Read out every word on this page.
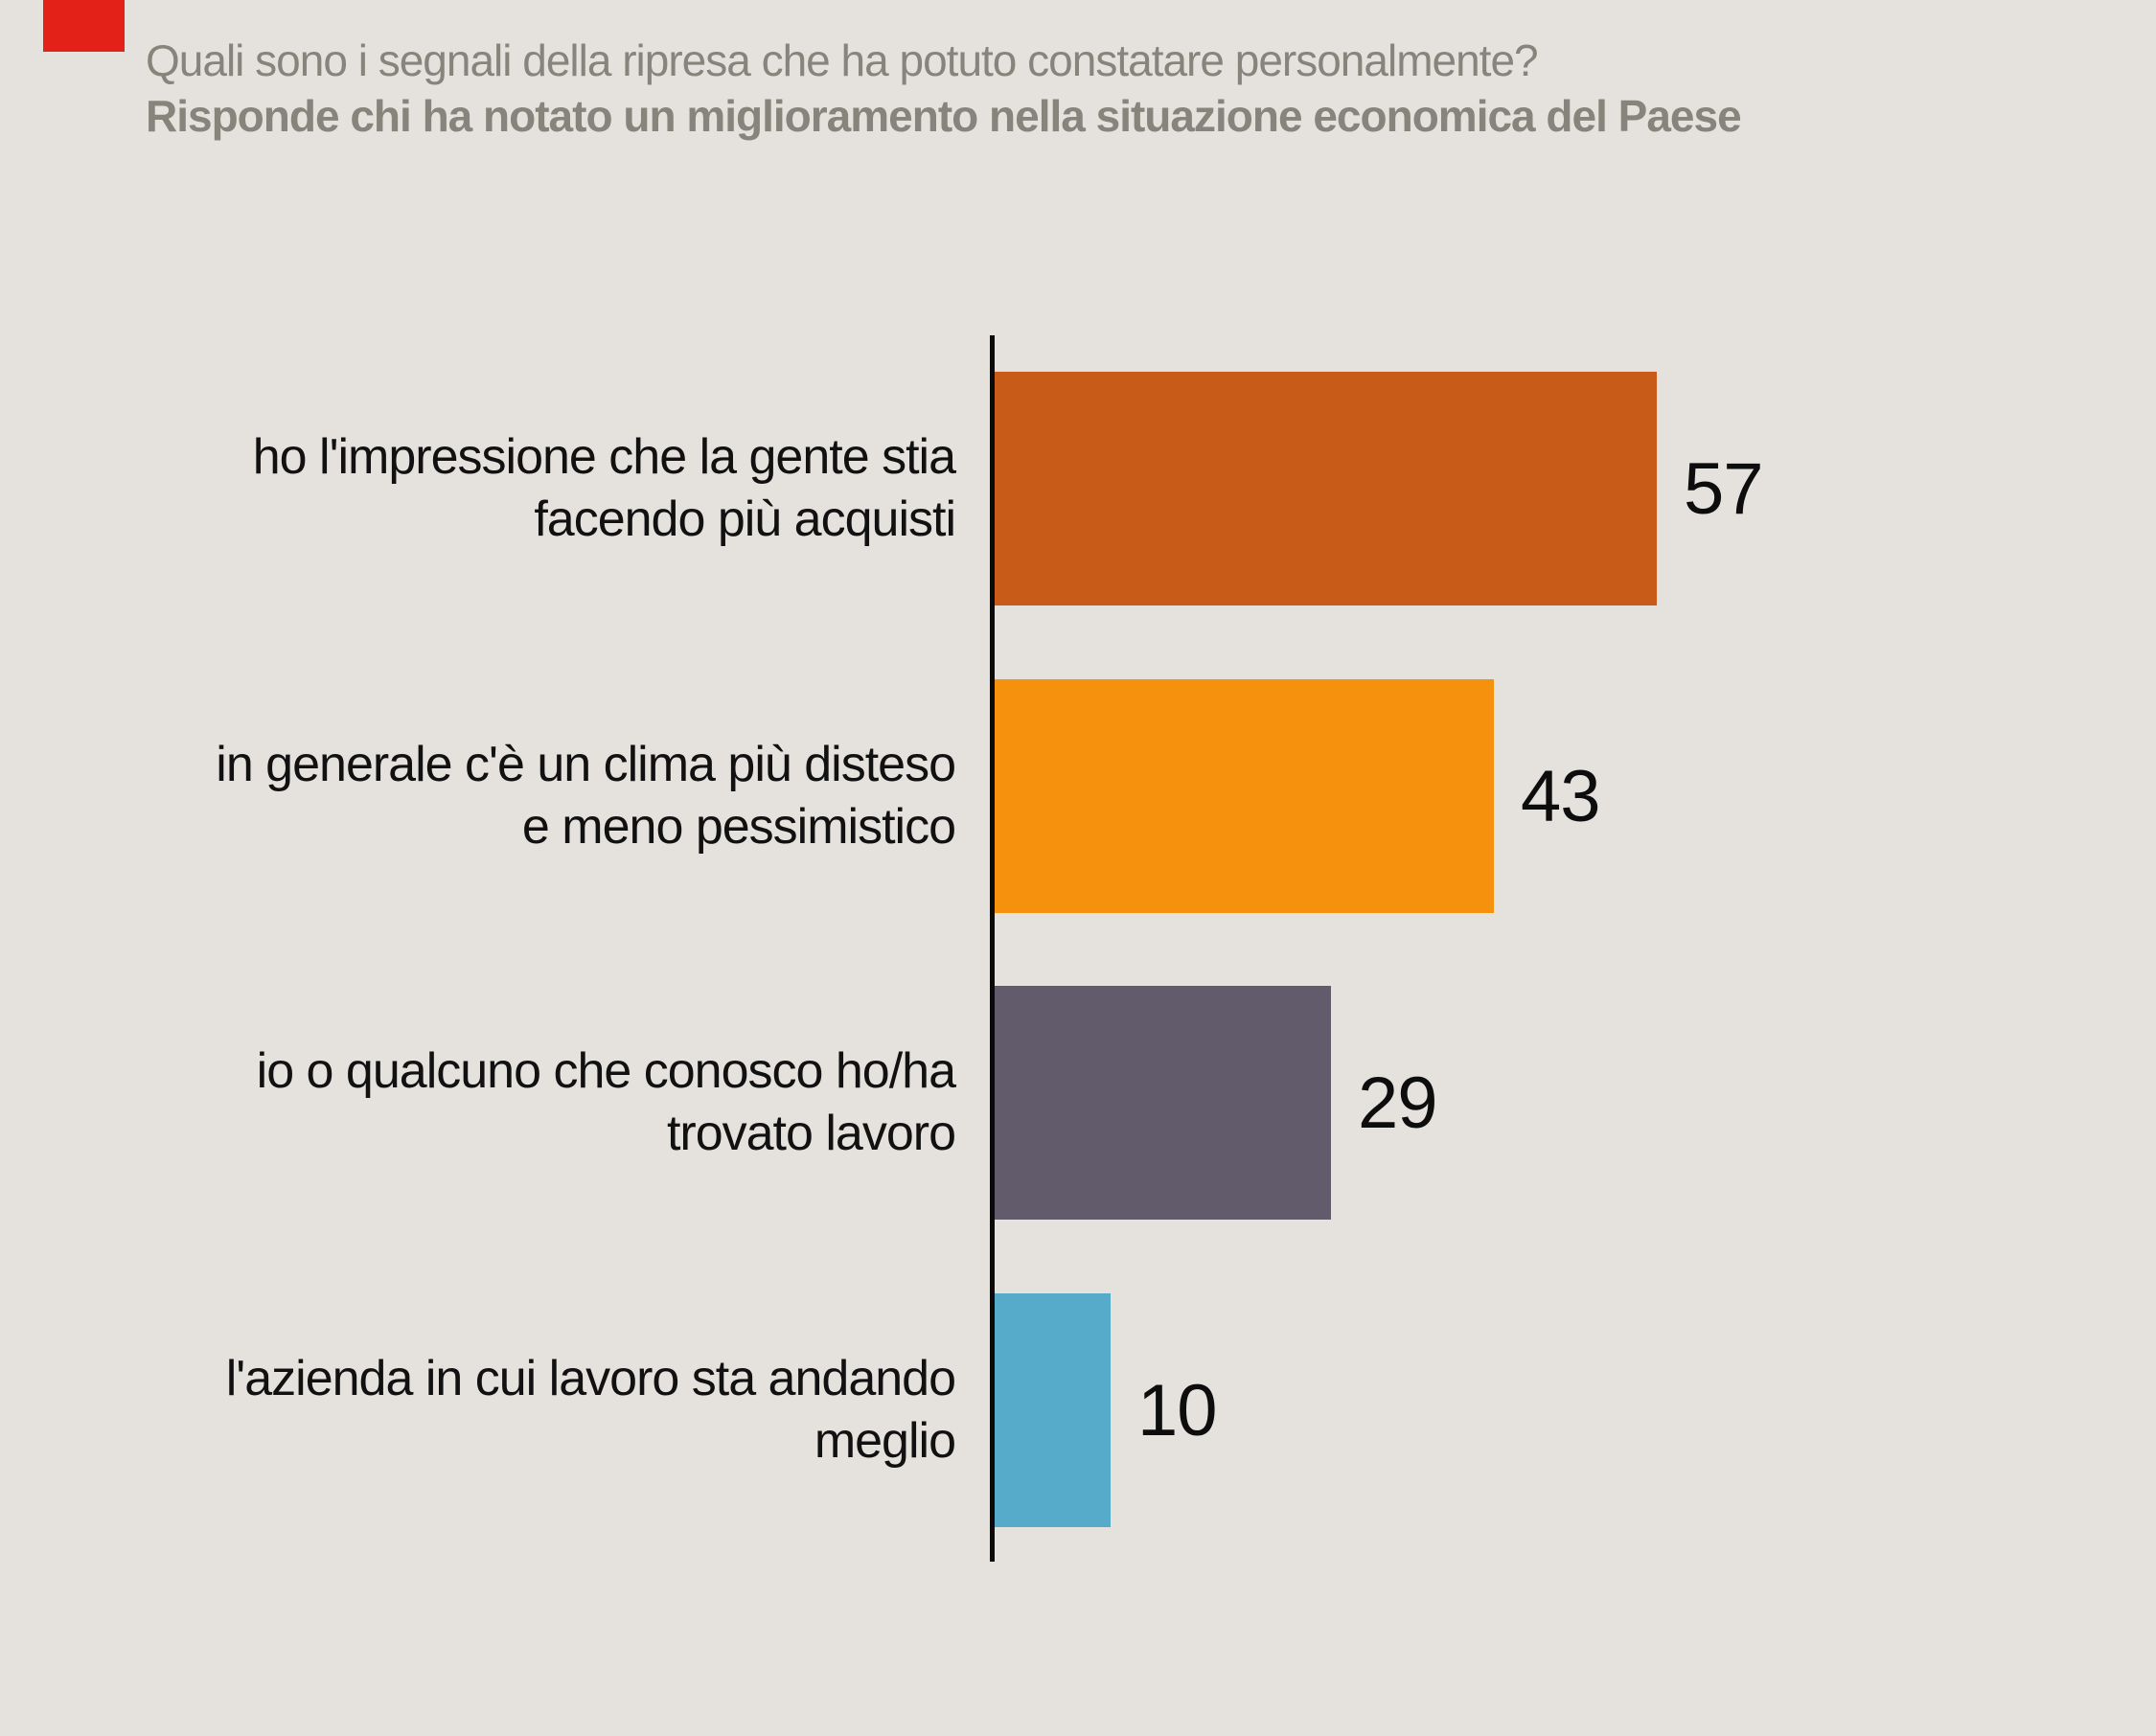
Quali sono i segnali della ripresa che ha potuto constatare personalmente?
Risponde chi ha notato un miglioramento nella situazione economica del Paese
ho l'impressione che la gente stia
facendo più acquisti	57
in generale c'è un clima più disteso
e meno pessimistico	43
io o qualcuno che conosco ho/ha
trovato lavoro	29
l'azienda in cui lavoro sta andando
meglio	10
